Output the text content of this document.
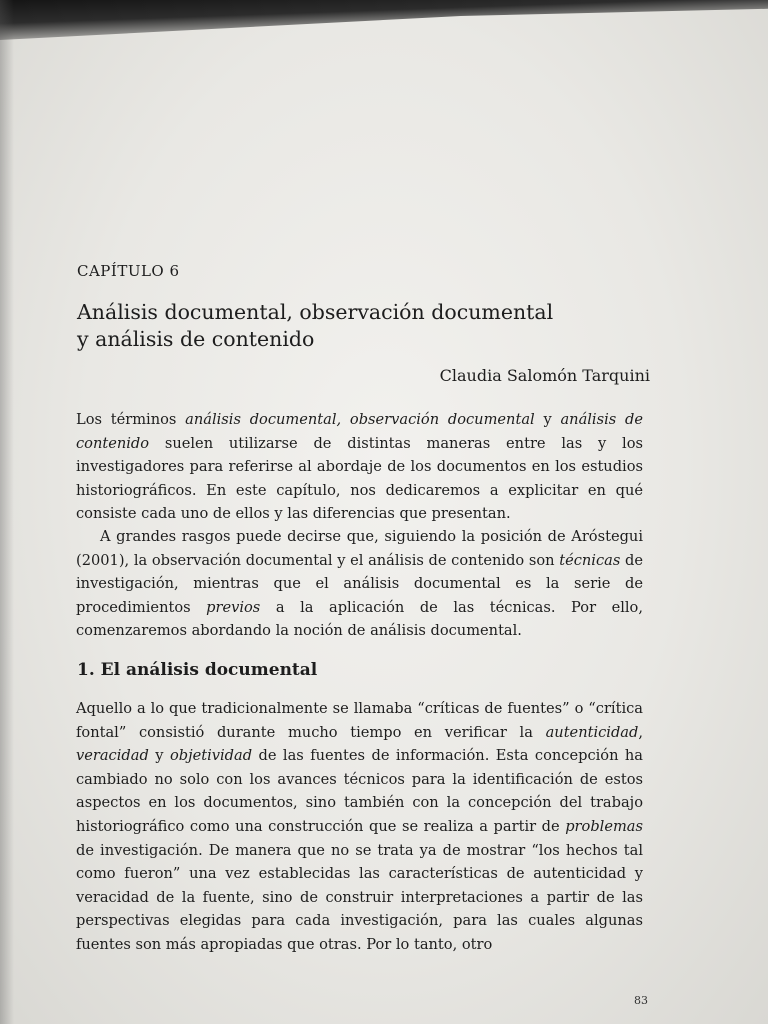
CAPÍTULO 6
Análisis documental, observación documental
y análisis de contenido
Claudia Salomón Tarquini

Los términos análisis documental, observación documental y análisis de contenido suelen utilizarse de distintas maneras entre las y los investigadores para referirse al abordaje de los documentos en los estudios historiográficos. En este capítulo, nos dedicaremos a explicitar en qué consiste cada uno de ellos y las diferencias que presentan.

A grandes rasgos puede decirse que, siguiendo la posición de Aróstegui (2001), la observación documental y el análisis de contenido son técnicas de investigación, mientras que el análisis documental es la serie de procedimientos previos a la aplicación de las técnicas. Por ello, comenzaremos abordando la noción de análisis documental.

1. El análisis documental

Aquello a lo que tradicionalmente se llamaba “críticas de fuentes” o “crítica fontal” consistió durante mucho tiempo en verificar la autenticidad, veracidad y objetividad de las fuentes de información. Esta concepción ha cambiado no solo con los avances técnicos para la identificación de estos aspectos en los documentos, sino también con la concepción del trabajo historiográfico como una construcción que se realiza a partir de problemas de investigación. De manera que no se trata ya de mostrar “los hechos tal como fueron” una vez establecidas las características de autenticidad y veracidad de la fuente, sino de construir interpretaciones a partir de las perspectivas elegidas para cada investigación, para las cuales algunas fuentes son más apropiadas que otras. Por lo tanto, otro

83
